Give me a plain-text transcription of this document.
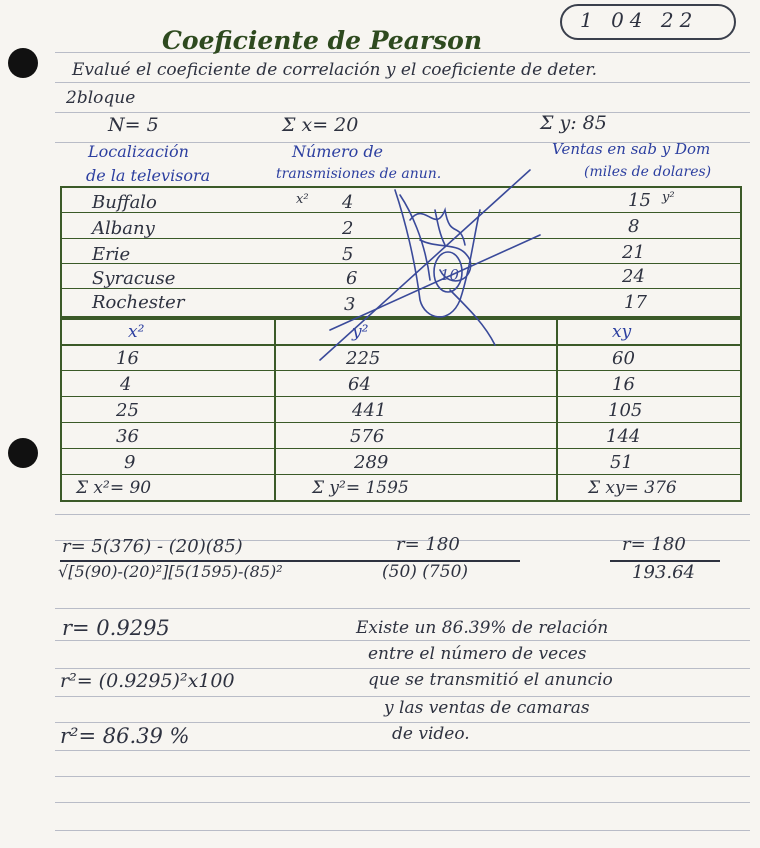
1 04 22
Coeficiente de Pearson
Evalué el coeficiente de correlación y el coeficiente de deter.
2bloque
N= 5	Σ x= 20	Σ y: 85
Localización
de la televisora
Número de
transmisiones de anun.
Ventas en sab y Dom
(miles de dolares)
x²	y²
Buffalo	4	15
Albany	2	8
Erie	5	21
Syracuse	6	24
Rochester	3	17
x²	y²	xy
16	225	60
4	64	16
25	441	105
36	576	144
9	289	51
Σ x²= 90	Σ y²= 1595	Σ xy= 376
10
r= 5(376) - (20)(85)
√[5(90)-(20)²][5(1595)-(85)²
r= 180
(50) (750)
r= 180
193.64
r= 0.9295
r²= (0.9295)²x100
r²= 86.39 %
Existe un 86.39% de relación
entre el número de veces
que se transmitió el anuncio
y las ventas de camaras
de video.
